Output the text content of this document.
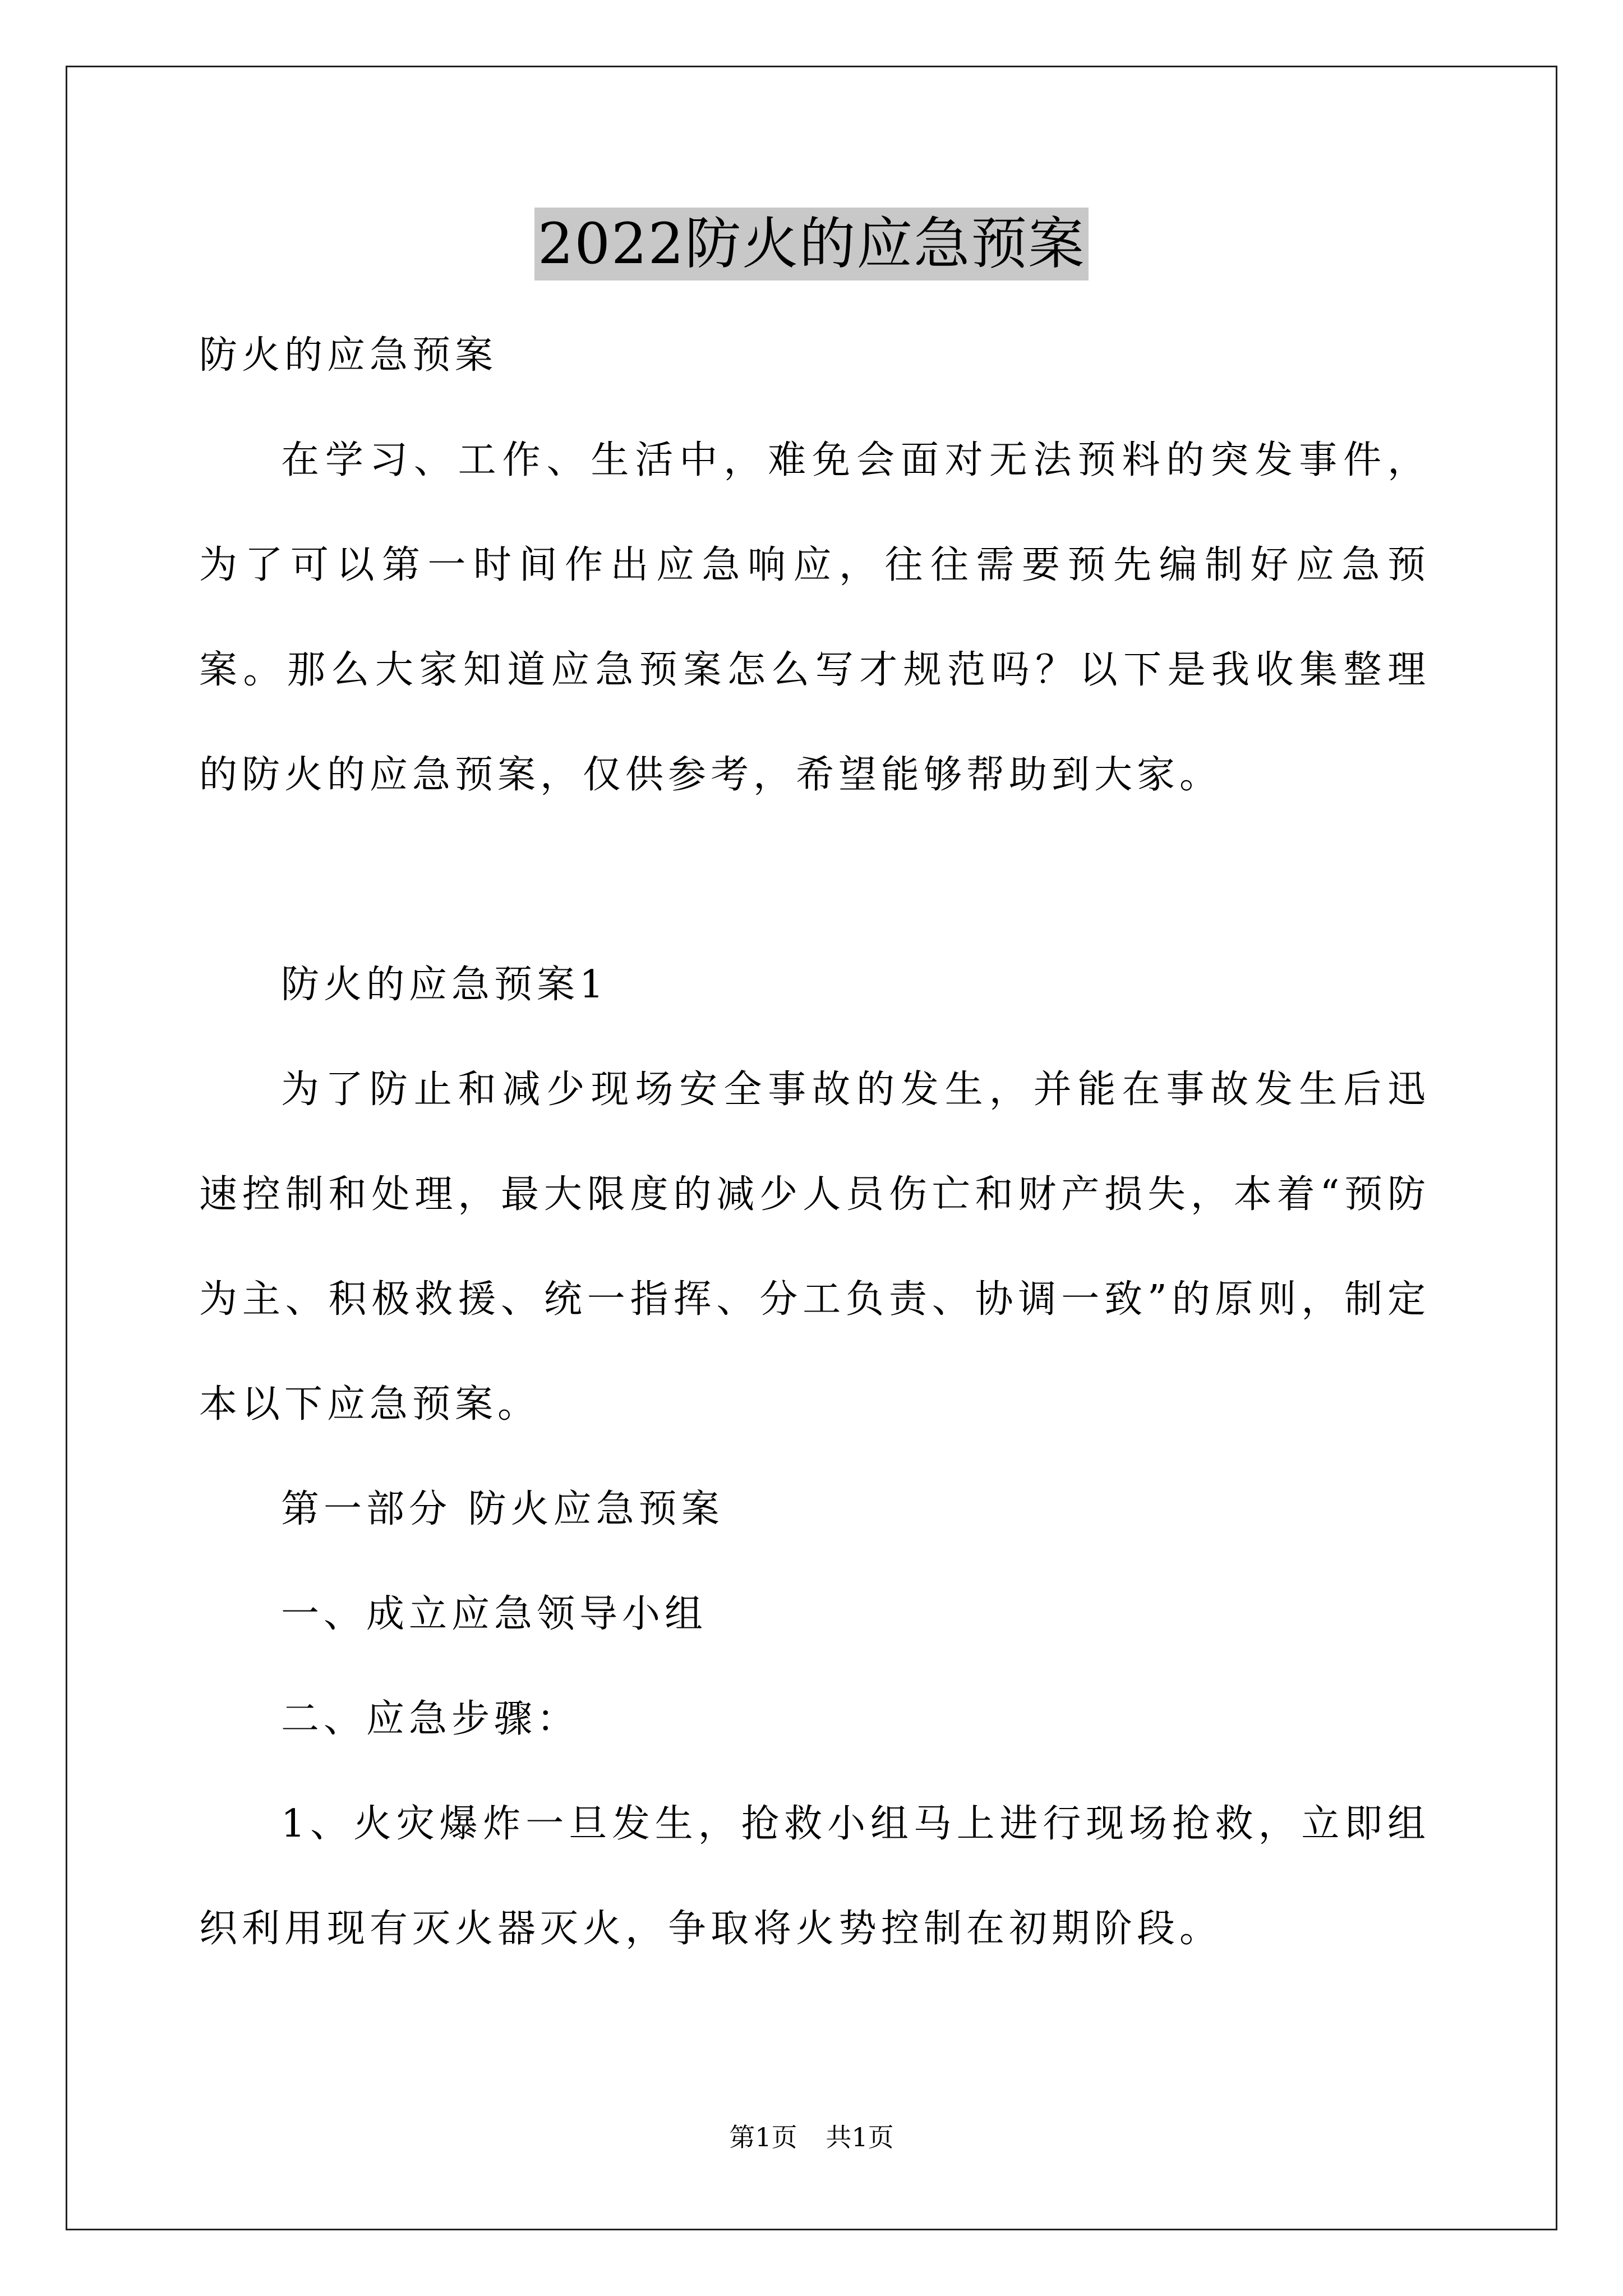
2022防火的应急预案

防火的应急预案

在学习、工作、生活中，难免会面对无法预料的突发事件，为了可以第一时间作出应急响应，往往需要预先编制好应急预案。那么大家知道应急预案怎么写才规范吗？以下是我收集整理的防火的应急预案，仅供参考，希望能够帮助到大家。

防火的应急预案1

为了防止和减少现场安全事故的发生，并能在事故发生后迅速控制和处理，最大限度的减少人员伤亡和财产损失，本着“预防为主、积极救援、统一指挥、分工负责、协调一致”的原则，制定本以下应急预案。

第一部分 防火应急预案

一、成立应急领导小组

二、应急步骤：

1、火灾爆炸一旦发生，抢救小组马上进行现场抢救，立即组织利用现有灭火器灭火，争取将火势控制在初期阶段。

第1页 共1页
